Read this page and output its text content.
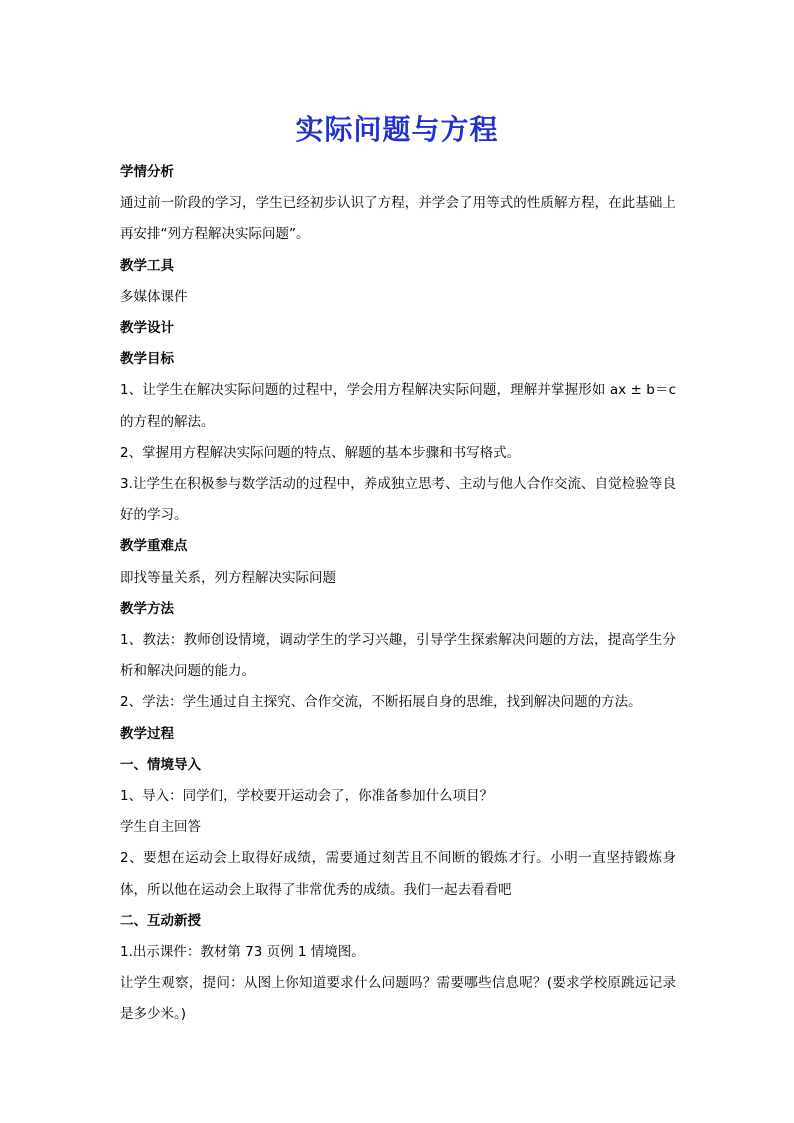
实际问题与方程

学情分析

通过前一阶段的学习，学生已经初步认识了方程，并学会了用等式的性质解方程，在此基础上再安排“列方程解决实际问题”。

教学工具

多媒体课件

教学设计

教学目标

1、让学生在解决实际问题的过程中，学会用方程解决实际问题，理解并掌握形如 ax ± b＝c 的方程的解法。

2、掌握用方程解决实际问题的特点、解题的基本步骤和书写格式。

3.让学生在积极参与数学活动的过程中，养成独立思考、主动与他人合作交流、自觉检验等良好的学习。

教学重难点

即找等量关系，列方程解决实际问题

教学方法

1、教法：教师创设情境，调动学生的学习兴趣，引导学生探索解决问题的方法，提高学生分析和解决问题的能力。

2、学法：学生通过自主探究、合作交流，不断拓展自身的思维，找到解决问题的方法。

教学过程

一、情境导入

1、导入：同学们，学校要开运动会了，你准备参加什么项目？

学生自主回答

2、要想在运动会上取得好成绩，需要通过刻苦且不间断的锻炼才行。小明一直坚持锻炼身体，所以他在运动会上取得了非常优秀的成绩。我们一起去看看吧

二、互动新授

1.出示课件：教材第 73 页例 1 情境图。

让学生观察，提问：从图上你知道要求什么问题吗？需要哪些信息呢？(要求学校原跳远记录是多少米。)
